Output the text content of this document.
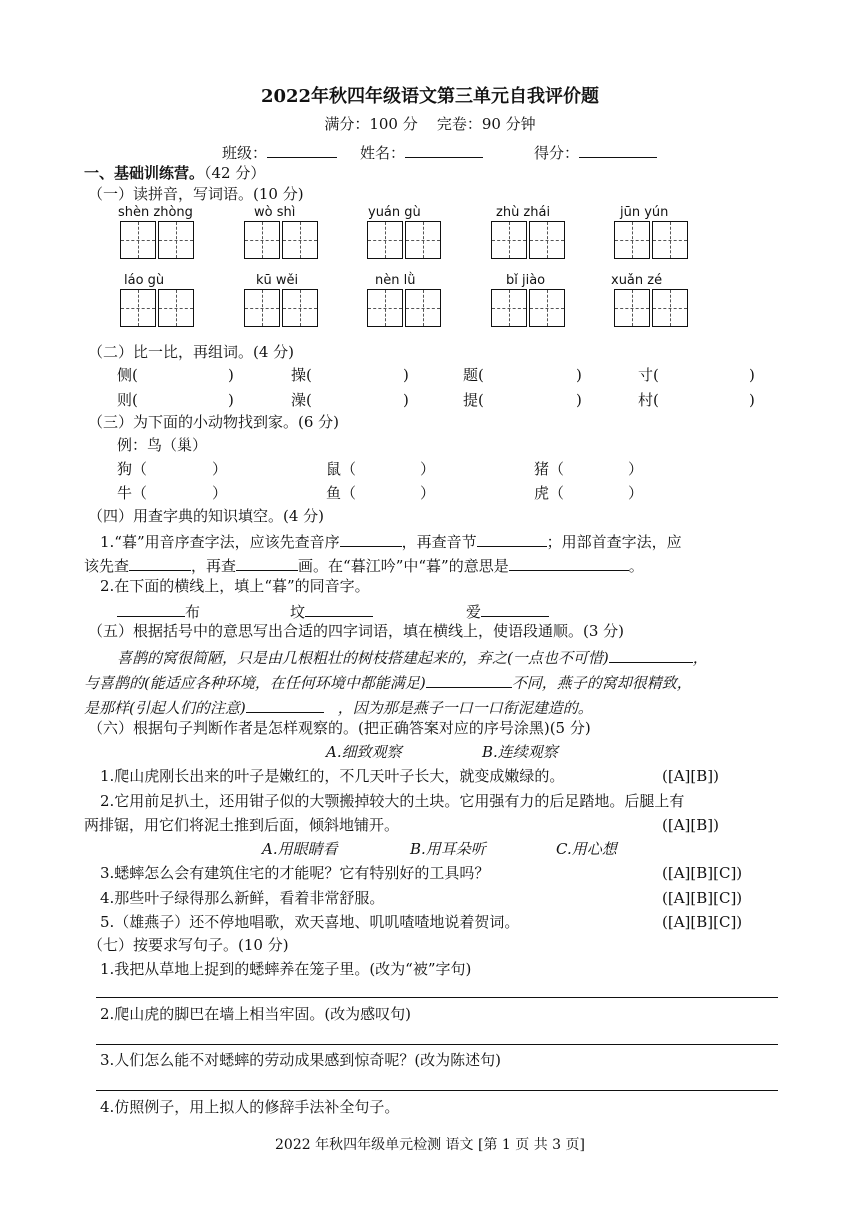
2022年秋四年级语文第三单元自我评价题
满分：100 分 完卷：90 分钟
班级：	姓名：	得分：
一、基础训练营。（42 分）
（一）读拼音，写词语。(10 分)
shèn zhòng	wò shì	yuán gù	zhù zhái	jūn yún
láo gù	kū wěi	nèn lǜ	bǐ jiào	xuǎn zé
（二）比一比，再组词。(4 分)
侧(	)	操(	)	题(	)	寸(	)
则(	)	澡(	)	提(	)	村(	)
（三）为下面的小动物找到家。(6 分)
例：鸟（巢）
狗（	）	鼠（	）	猪（	）
牛（	）	鱼（	）	虎（	）
（四）用查字典的知识填空。(4 分)
1.“暮”用音序查字法，应该先查音序	，再查音节	；用部首查字法，应
该先查	，再查	画。在“暮江吟”中“暮”的意思是	。
2.在下面的横线上，填上“暮”的同音字。
布	坟	爱
（五）根据括号中的意思写出合适的四字词语，填在横线上，使语段通顺。(3 分)
喜鹊的窝很简陋，只是由几根粗壮的树枝搭建起来的，弃之(一点也不可惜)	，
与喜鹊的(能适应各种环境，在任何环境中都能满足)	不同，燕子的窝却很精致，
是那样(引起人们的注意)	，因为那是燕子一口一口衔泥建造的。
（六）根据句子判断作者是怎样观察的。(把正确答案对应的序号涂黑)(5 分)
A.细致观察	B.连续观察
1.爬山虎刚长出来的叶子是嫩红的，不几天叶子长大，就变成嫩绿的。	([A][B])
2.它用前足扒土，还用钳子似的大颚搬掉较大的土块。它用强有力的后足踏地。后腿上有
两排锯，用它们将泥土推到后面，倾斜地铺开。	([A][B])
A.用眼睛看	B.用耳朵听	C.用心想
3.蟋蟀怎么会有建筑住宅的才能呢？它有特别好的工具吗？	([A][B][C])
4.那些叶子绿得那么新鲜，看着非常舒服。	([A][B][C])
5.（雄燕子）还不停地唱歌，欢天喜地、叽叽喳喳地说着贺词。	([A][B][C])
（七）按要求写句子。(10 分)
1.我把从草地上捉到的蟋蟀养在笼子里。(改为“被”字句)
2.爬山虎的脚巴在墙上相当牢固。(改为感叹句)
3.人们怎么能不对蟋蟀的劳动成果感到惊奇呢？(改为陈述句)
4.仿照例子，用上拟人的修辞手法补全句子。
2022 年秋四年级单元检测 语文 [第 1 页 共 3 页]
